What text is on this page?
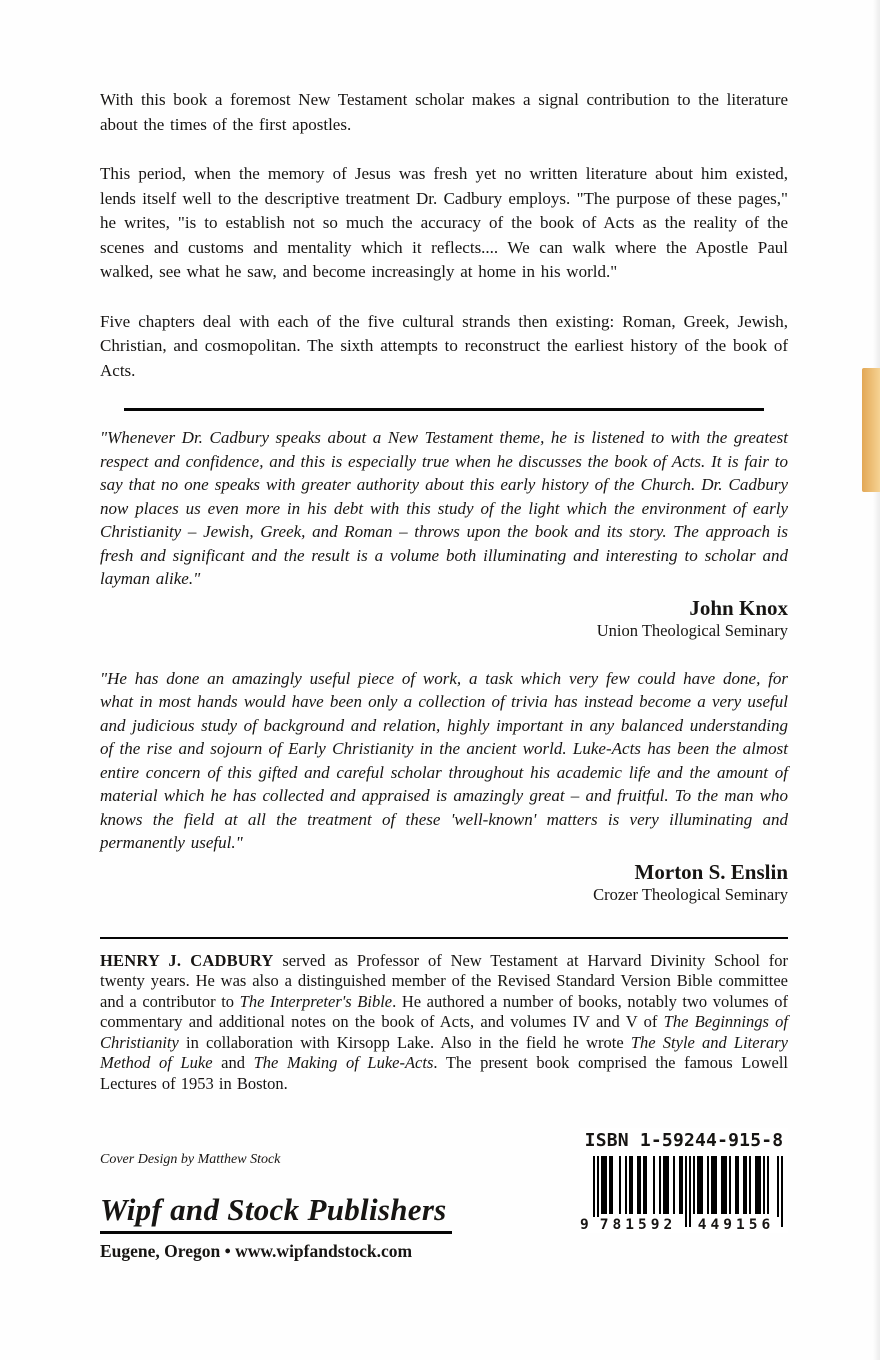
With this book a foremost New Testament scholar makes a signal contribution to the literature about the times of the first apostles.

This period, when the memory of Jesus was fresh yet no written literature about him existed, lends itself well to the descriptive treatment Dr. Cadbury employs. "The purpose of these pages," he writes, "is to establish not so much the accuracy of the book of Acts as the reality of the scenes and customs and mentality which it reflects.... We can walk where the Apostle Paul walked, see what he saw, and become increasingly at home in his world."

Five chapters deal with each of the five cultural strands then existing: Roman, Greek, Jewish, Christian, and cosmopolitan. The sixth attempts to reconstruct the earliest history of the book of Acts.

"Whenever Dr. Cadbury speaks about a New Testament theme, he is listened to with the greatest respect and confidence, and this is especially true when he discusses the book of Acts. It is fair to say that no one speaks with greater authority about this early history of the Church. Dr. Cadbury now places us even more in his debt with this study of the light which the environment of early Christianity – Jewish, Greek, and Roman – throws upon the book and its story. The approach is fresh and significant and the result is a volume both illuminating and interesting to scholar and layman alike."

John Knox
Union Theological Seminary

"He has done an amazingly useful piece of work, a task which very few could have done, for what in most hands would have been only a collection of trivia has instead become a very useful and judicious study of background and relation, highly important in any balanced understanding of the rise and sojourn of Early Christianity in the ancient world. Luke-Acts has been the almost entire concern of this gifted and careful scholar throughout his academic life and the amount of material which he has collected and appraised is amazingly great – and fruitful. To the man who knows the field at all the treatment of these 'well-known' matters is very illuminating and permanently useful."

Morton S. Enslin
Crozer Theological Seminary

HENRY J. CADBURY served as Professor of New Testament at Harvard Divinity School for twenty years. He was also a distinguished member of the Revised Standard Version Bible committee and a contributor to The Interpreter's Bible. He authored a number of books, notably two volumes of commentary and additional notes on the book of Acts, and volumes IV and V of The Beginnings of Christianity in collaboration with Kirsopp Lake. Also in the field he wrote The Style and Literary Method of Luke and The Making of Luke-Acts. The present book comprised the famous Lowell Lectures of 1953 in Boston.

Cover Design by Matthew Stock
Wipf and Stock Publishers
Eugene, Oregon • www.wipfandstock.com
ISBN 1-59244-915-8
9 781592	449156
